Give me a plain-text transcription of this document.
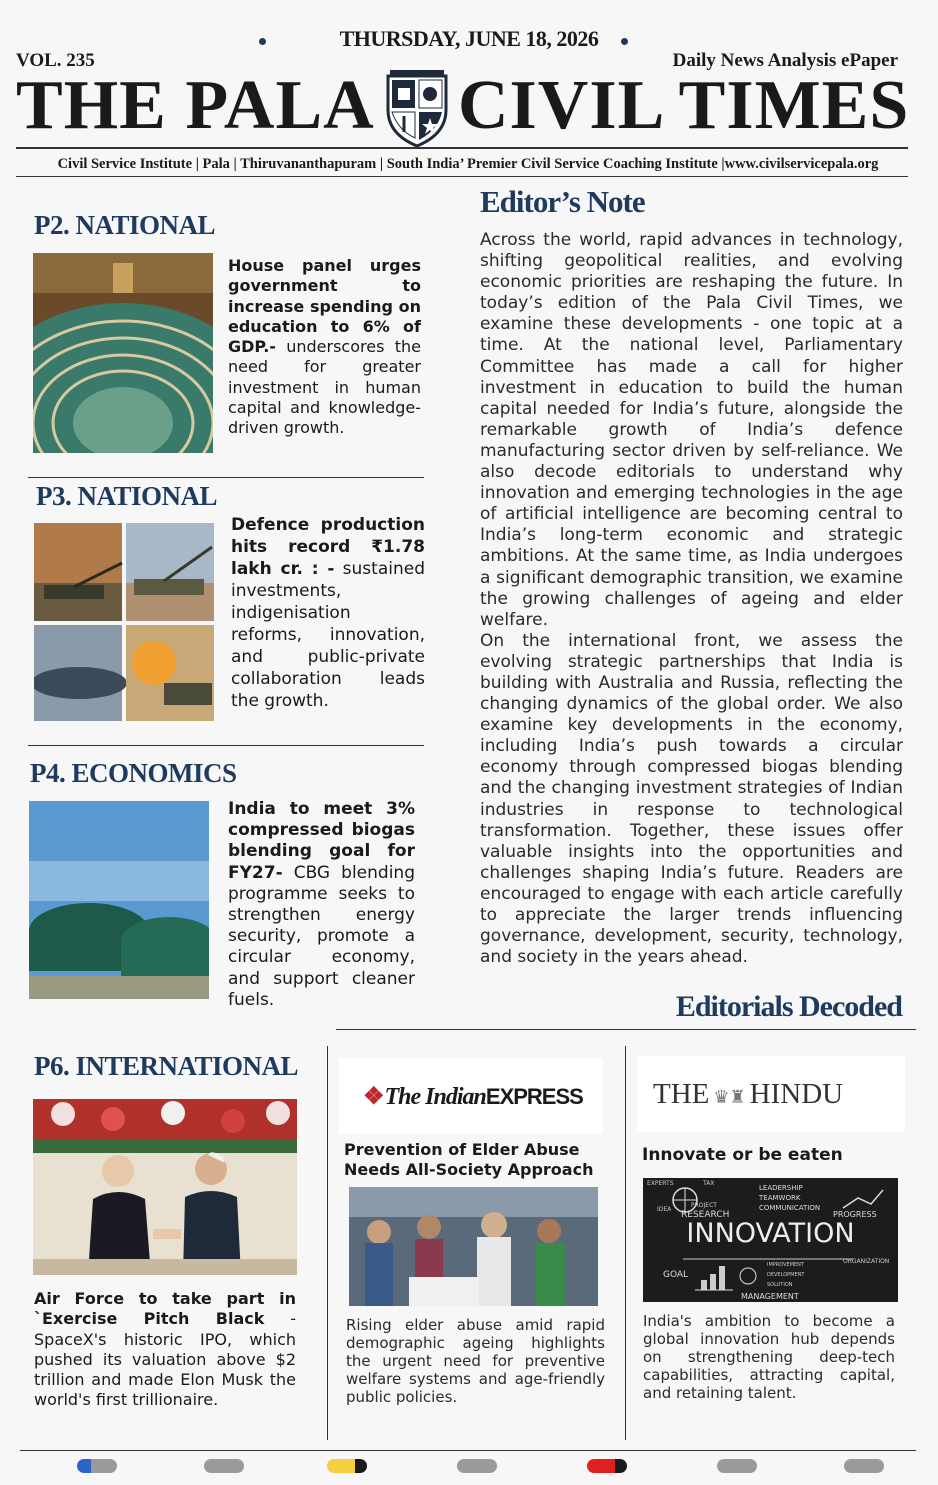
THURSDAY, JUNE 18, 2026
VOL. 235	Daily News Analysis ePaper
THE PALA CIVIL TIMES
Civil Service Institute | Pala | Thiruvananthapuram | South India’ Premier Civil Service Coaching Institute |www.civilservicepala.org
P2. NATIONAL
House panel urges government to increase spending on education to 6% of GDP.- underscores the need for greater investment in human capital and knowledge-driven growth.
P3. NATIONAL
Defence production hits record ₹1.78 lakh cr. : - sustained investments, indigenisation reforms, innovation, and public-private collaboration leads the growth.
P4. ECONOMICS
India to meet 3% compressed biogas blending goal for FY27- CBG blending programme seeks to strengthen energy security, promote a circular economy, and support cleaner fuels.
Editor’s Note

Across the world, rapid advances in technology, shifting geopolitical realities, and evolving economic priorities are reshaping the future. In today’s edition of the Pala Civil Times, we examine these developments - one topic at a time. At the national level, Parliamentary Committee has made a call for higher investment in education to build the human capital needed for India’s future, alongside the remarkable growth of India’s defence manufacturing sector driven by self-reliance. We also decode editorials to understand why innovation and emerging technologies in the age of artificial intelligence are becoming central to India’s long-term economic and strategic ambitions. At the same time, as India undergoes a significant demographic transition, we examine the growing challenges of ageing and elder welfare.

On the international front, we assess the evolving strategic partnerships that India is building with Australia and Russia, reflecting the changing dynamics of the global order. We also examine key developments in the economy, including India’s push towards a circular economy through compressed biogas blending and the changing investment strategies of Indian industries in response to technological transformation. Together, these issues offer valuable insights into the opportunities and challenges shaping India’s future. Readers are encouraged to engage with each article carefully to appreciate the larger trends influencing governance, development, security, technology, and society in the years ahead.

Editorials Decoded
P6. INTERNATIONAL
Air Force to take part in `Exercise Pitch Black - SpaceX's historic IPO, which pushed its valuation above $2 trillion and made Elon Musk the world's first trillionaire.
❖The IndianEXPRESS
Prevention of Elder Abuse Needs All-Society Approach
Rising elder abuse amid rapid demographic ageing highlights the urgent need for preventive welfare systems and age-friendly public policies.
THE ♛♜ HINDU
Innovate or be eaten
INNOVATION
EXPERTS	TAX
IDEA
PROJECT
RESEARCH
LEADERSHIP
TEAMWORK
COMMUNICATION
PROGRESS
GOAL
IMPROVEMENT
DEVELOPMENT
SOLUTION
MANAGEMENT
ORGANIZATION
India's ambition to become a global innovation hub depends on strengthening deep-tech capabilities, attracting capital, and retaining talent.
